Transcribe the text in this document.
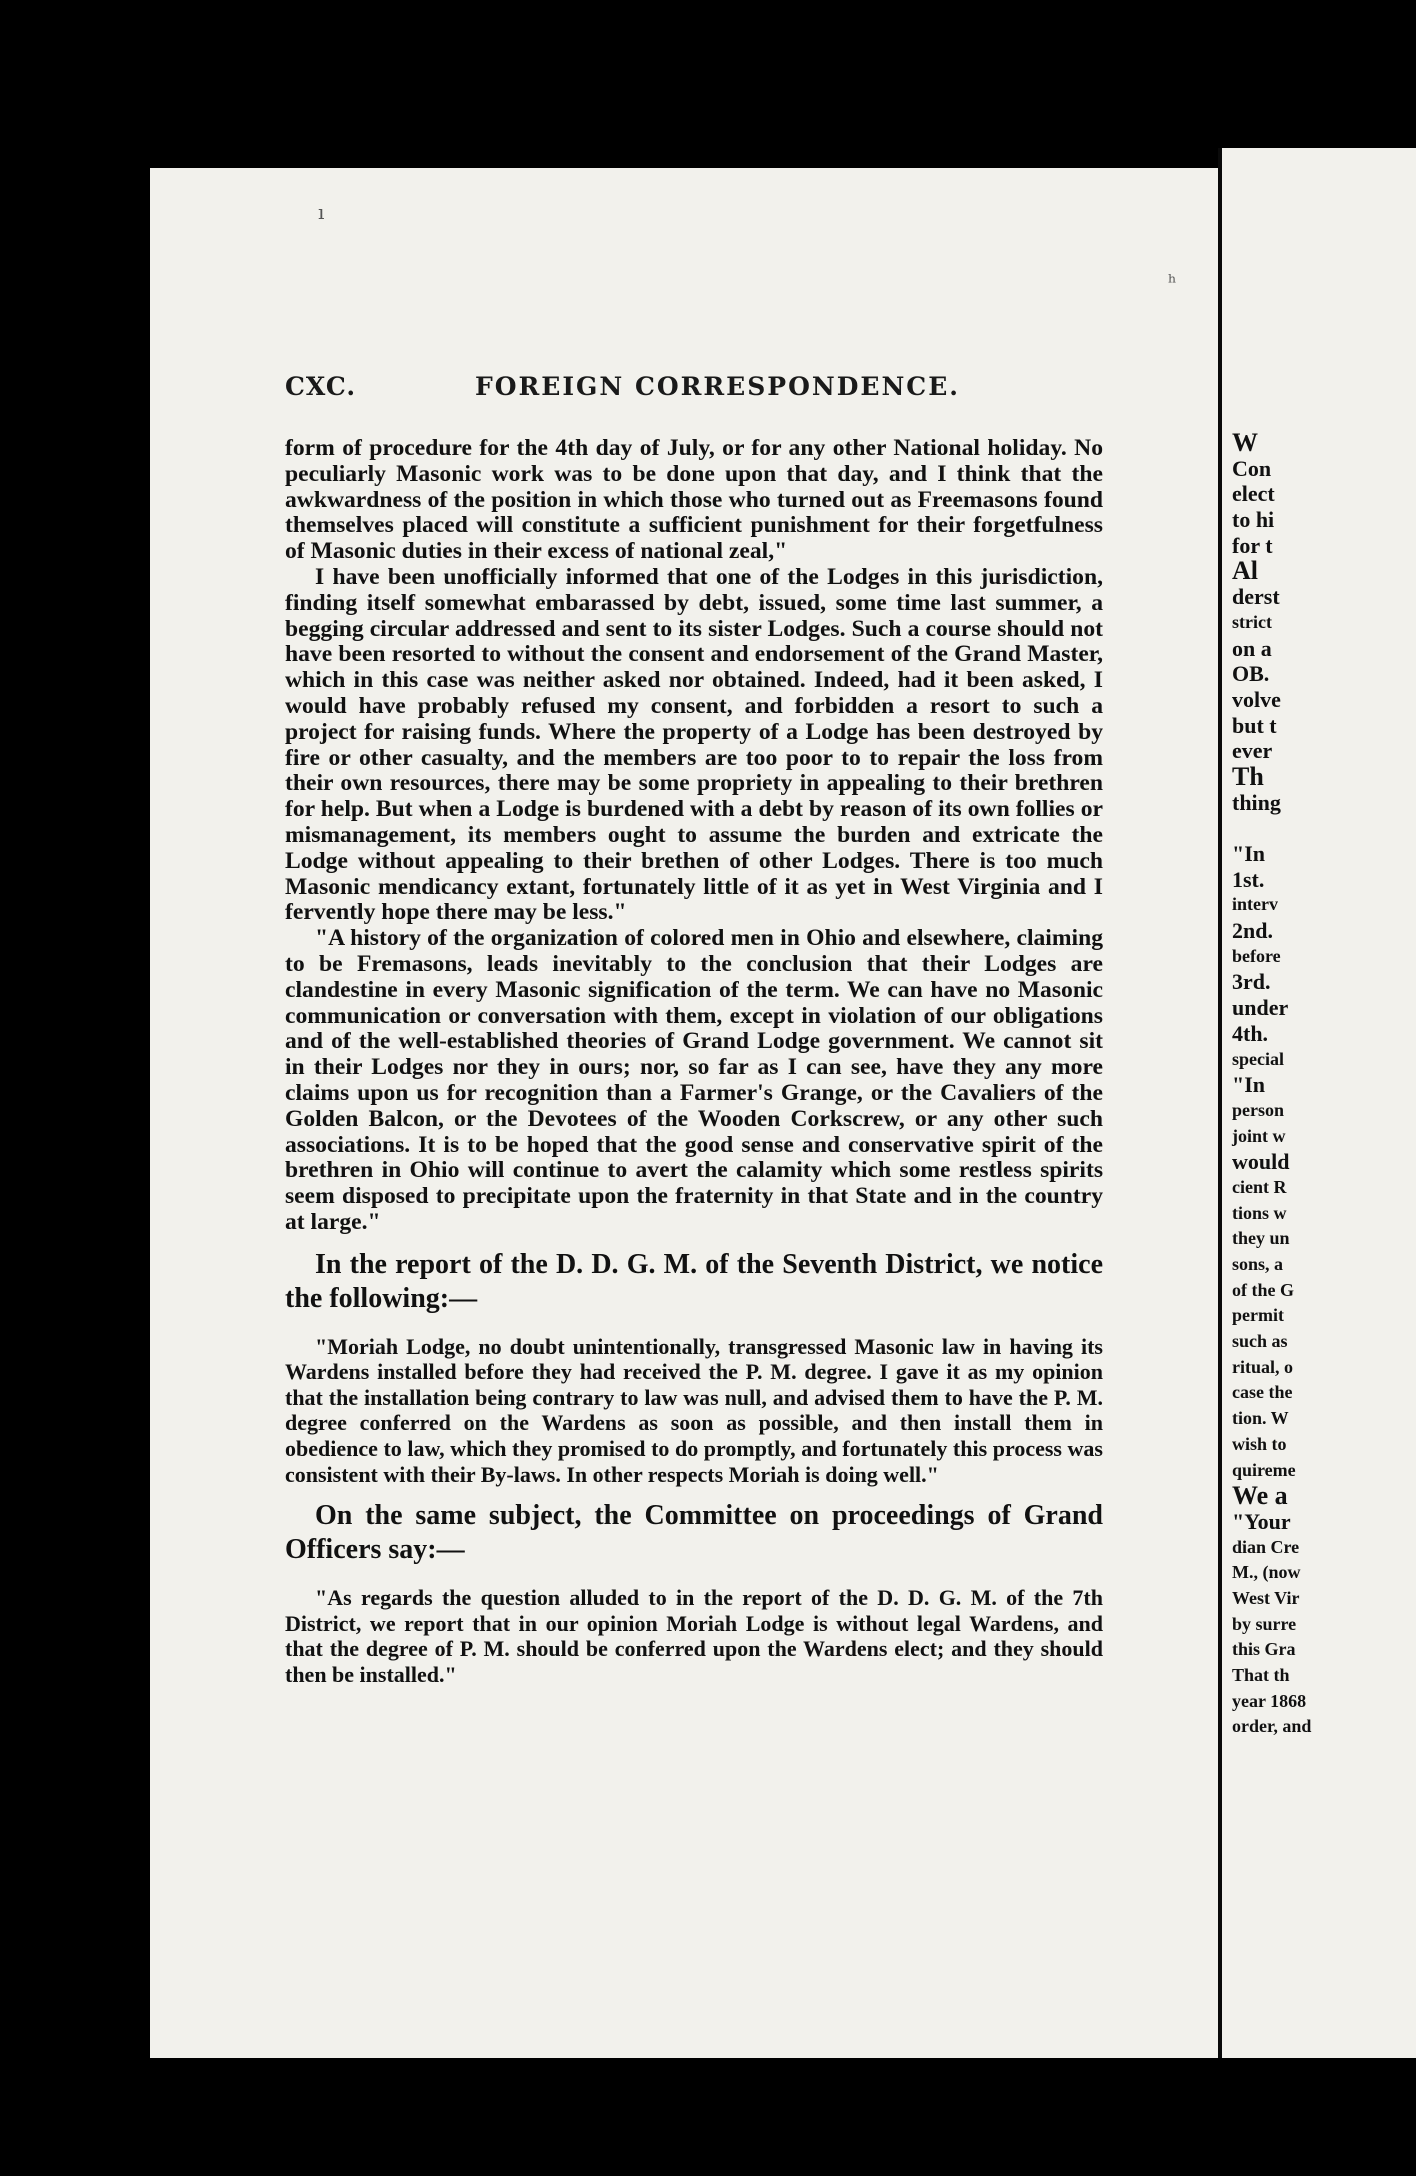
ı
ʰ
CXC.	FOREIGN CORRESPONDENCE.

form of procedure for the 4th day of July, or for any other National holiday. No peculiarly Masonic work was to be done upon that day, and I think that the awkwardness of the position in which those who turned out as Freemasons found themselves placed will constitute a sufficient punishment for their forgetfulness of Masonic duties in their excess of national zeal,"

I have been unofficially informed that one of the Lodges in this jurisdiction, finding itself somewhat embarassed by debt, issued, some time last summer, a begging circular addressed and sent to its sister Lodges. Such a course should not have been resorted to without the consent and endorsement of the Grand Master, which in this case was neither asked nor obtained. Indeed, had it been asked, I would have probably refused my consent, and forbidden a resort to such a project for raising funds. Where the property of a Lodge has been destroyed by fire or other casualty, and the members are too poor to to repair the loss from their own resources, there may be some propriety in appealing to their brethren for help. But when a Lodge is burdened with a debt by reason of its own follies or mismanagement, its members ought to assume the burden and extricate the Lodge without appealing to their brethen of other Lodges. There is too much Masonic mendicancy extant, fortunately little of it as yet in West Virginia and I fervently hope there may be less."

"A history of the organization of colored men in Ohio and elsewhere, claiming to be Fremasons, leads inevitably to the conclusion that their Lodges are clandestine in every Masonic signification of the term. We can have no Masonic communication or conversation with them, except in violation of our obligations and of the well-established theories of Grand Lodge government. We cannot sit in their Lodges nor they in ours; nor, so far as I can see, have they any more claims upon us for recognition than a Farmer's Grange, or the Cavaliers of the Golden Balcon, or the Devotees of the Wooden Corkscrew, or any other such associations. It is to be hoped that the good sense and conservative spirit of the brethren in Ohio will continue to avert the calamity which some restless spirits seem disposed to precipitate upon the fraternity in that State and in the country at large."

In the report of the D. D. G. M. of the Seventh District, we notice the following:—

"Moriah Lodge, no doubt unintentionally, transgressed Masonic law in having its Wardens installed before they had received the P. M. degree. I gave it as my opinion that the installation being contrary to law was null, and advised them to have the P. M. degree conferred on the Wardens as soon as possible, and then install them in obedience to law, which they promised to do promptly, and fortunately this process was consistent with their By-laws. In other respects Moriah is doing well."

On the same subject, the Committee on proceedings of Grand Officers say:—

"As regards the question alluded to in the report of the D. D. G. M. of the 7th District, we report that in our opinion Moriah Lodge is without legal Wardens, and that the degree of P. M. should be conferred upon the Wardens elect; and they should then be installed."

W
Con
elect
to hi
for t
Al
derst
strict
on a
OB.
volve
but t
ever
Th
thing
"In
1st.
interv
2nd.
before
3rd.
under
4th.
special
"In
person
joint w
would
cient R
tions w
they un
sons, a
of the G
permit
such as
ritual, o
case the
tion. W
wish to
quireme
We a
"Your
dian Cre
M., (now
West Vir
by surre
this Gra
That th
year 1868
order, and
